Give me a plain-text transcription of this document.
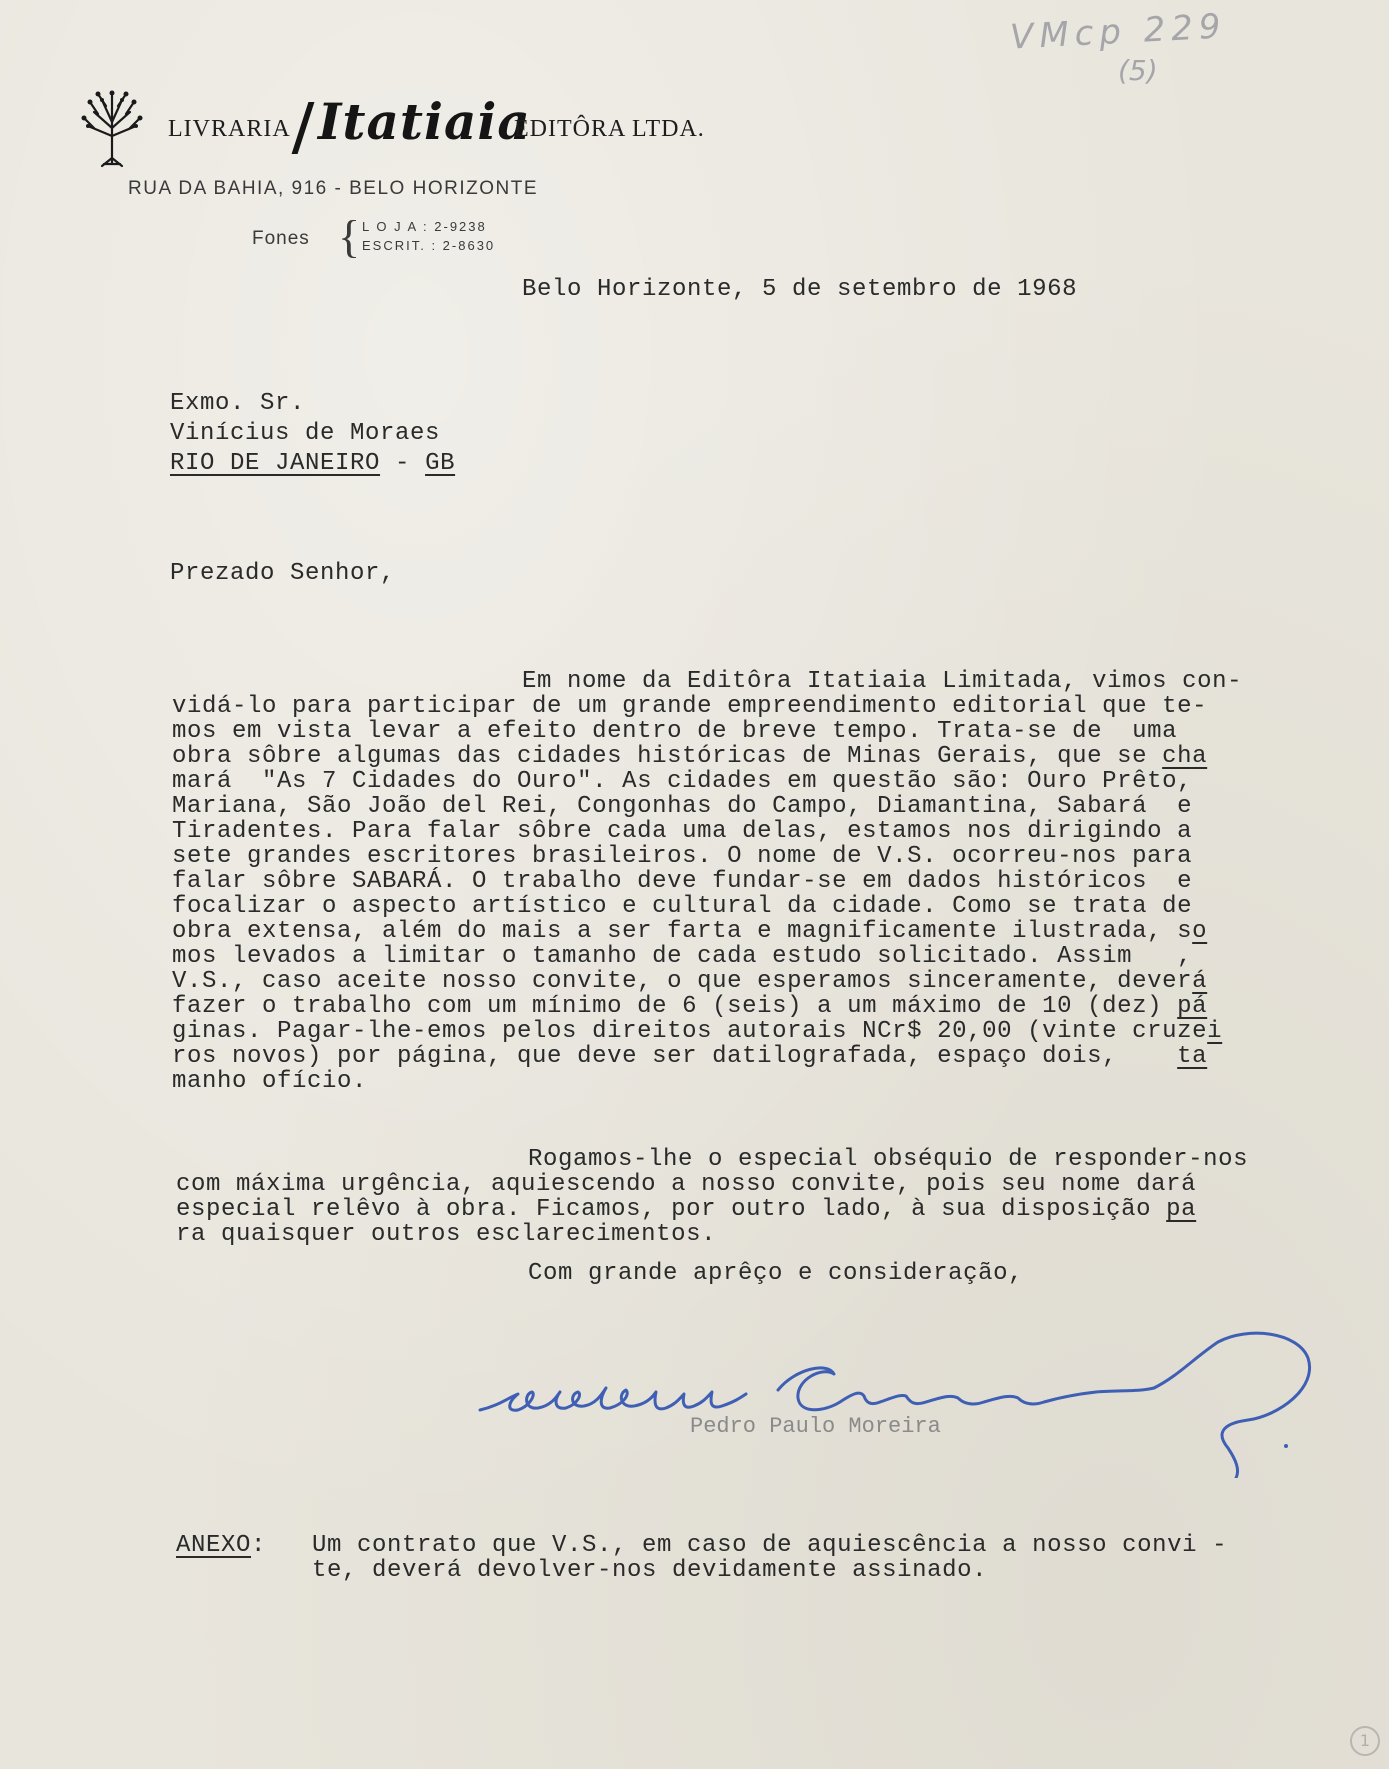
VMcp 229
(5)
LIVRARIA Itatiaia
EDITÔRA LTDA.
RUA DA BAHIA, 916 - BELO HORIZONTE
Fones { L O J A : 2-9238
ESCRIT. : 2-8630
Belo Horizonte, 5 de setembro de 1968
Exmo. Sr.
Vinícius de Moraes
RIO DE JANEIRO - GB
Prezado Senhor,
Em nome da Editôra Itatiaia Limitada, vimos con-
vidá-lo para participar de um grande empreendimento editorial que te-
mos em vista levar a efeito dentro de breve tempo. Trata-se de  uma
obra sôbre algumas das cidades históricas de Minas Gerais, que se cha
mará  "As 7 Cidades do Ouro". As cidades em questão são: Ouro Prêto,
Mariana, São João del Rei, Congonhas do Campo, Diamantina, Sabará  e
Tiradentes. Para falar sôbre cada uma delas, estamos nos dirigindo a
sete grandes escritores brasileiros. O nome de V.S. ocorreu-nos para
falar sôbre SABARÁ. O trabalho deve fundar-se em dados históricos  e
focalizar o aspecto artístico e cultural da cidade. Como se trata de
obra extensa, além do mais a ser farta e magnificamente ilustrada, so
mos levados a limitar o tamanho de cada estudo solicitado. Assim   ,
V.S., caso aceite nosso convite, o que esperamos sinceramente, deverá
fazer o trabalho com um mínimo de 6 (seis) a um máximo de 10 (dez) pá
ginas. Pagar-lhe-emos pelos direitos autorais NCr$ 20,00 (vinte cruzei
ros novos) por página, que deve ser datilografada, espaço dois,    ta
manho ofício.
Rogamos-lhe o especial obséquio de responder-nos
com máxima urgência, aquiescendo a nosso convite, pois seu nome dará
especial relêvo à obra. Ficamos, por outro lado, à sua disposição pa
ra quaisquer outros esclarecimentos.
Com grande aprêço e consideração,
Pedro Paulo Moreira
ANEXO: Um contrato que V.S., em caso de aquiescência a nosso convi -
te, deverá devolver-nos devidamente assinado.
1
